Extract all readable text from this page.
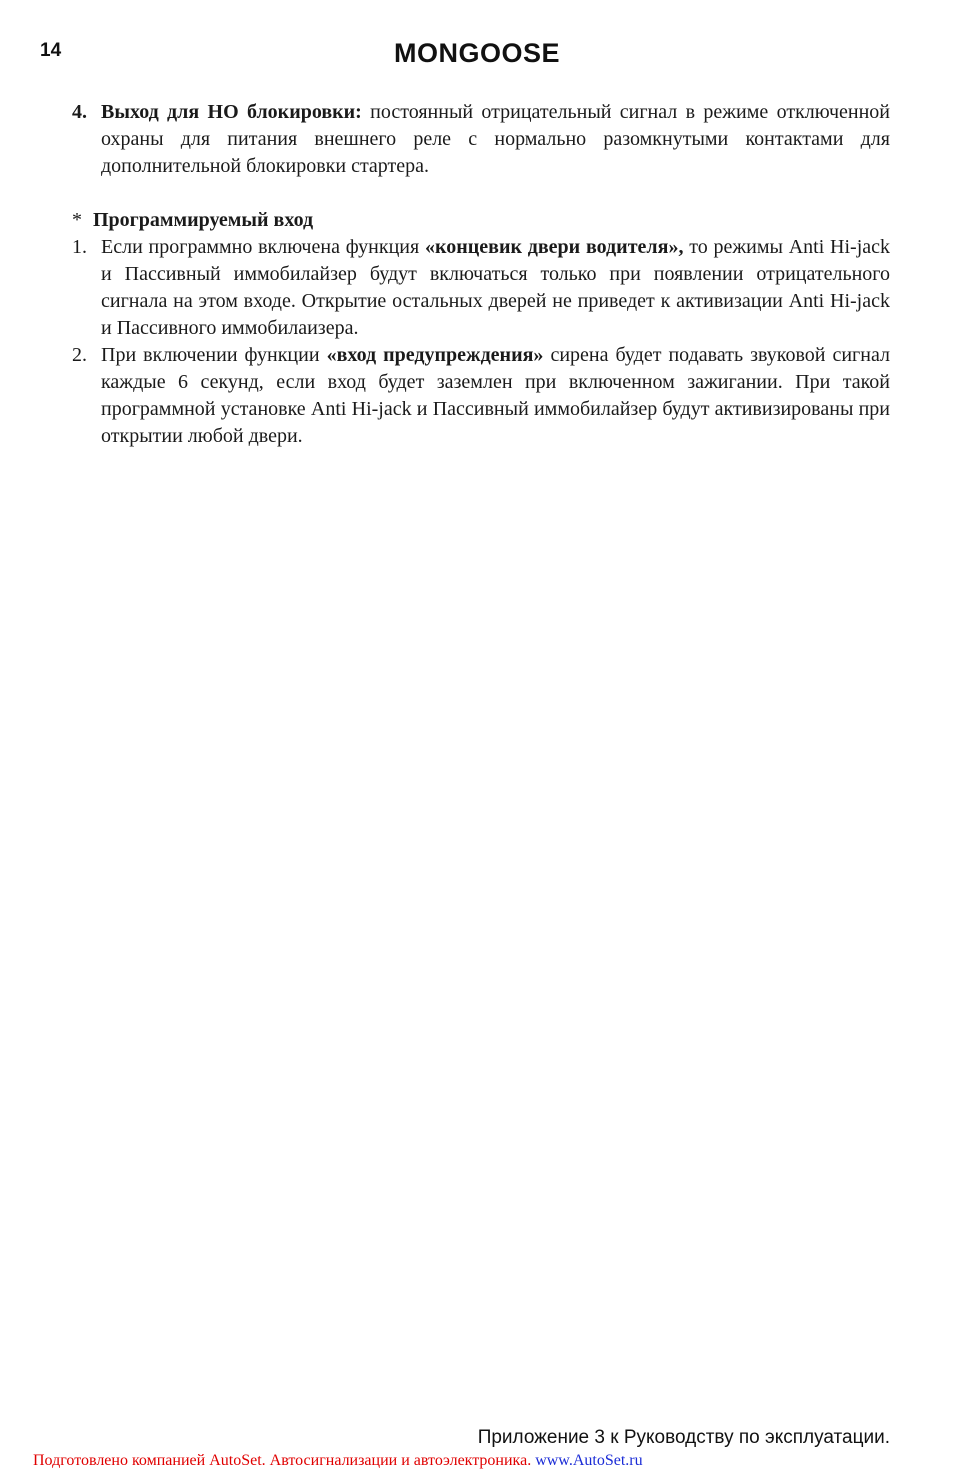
14	MONGOOSE

4. Выход для НО блокировки: постоянный отрицательный сигнал в режиме отключенной охраны для питания внешнего реле с нормально разомкнутыми контактами для дополнительной блокировки стартера.

* Программируемый вход

1. Если программно включена функция «концевик двери водителя», то режимы Anti Hi-jack и Пассивный иммобилайзер будут включаться только при появлении отрицательного сигнала на этом входе. Открытие остальных дверей не приведет к активизации Anti Hi-jack и Пассивного иммобилаизера.

2. При включении функции «вход предупреждения» сирена будет подавать звуковой сигнал каждые 6 секунд, если вход будет заземлен при включенном зажигании. При такой программной установке Anti Hi-jack и Пассивный иммобилайзер будут активизированы при открытии любой двери.

Приложение 3 к Руководству по эксплуатации.
Подготовлено компанией AutoSet. Автосигнализации и автоэлектроника. www.AutoSet.ru
